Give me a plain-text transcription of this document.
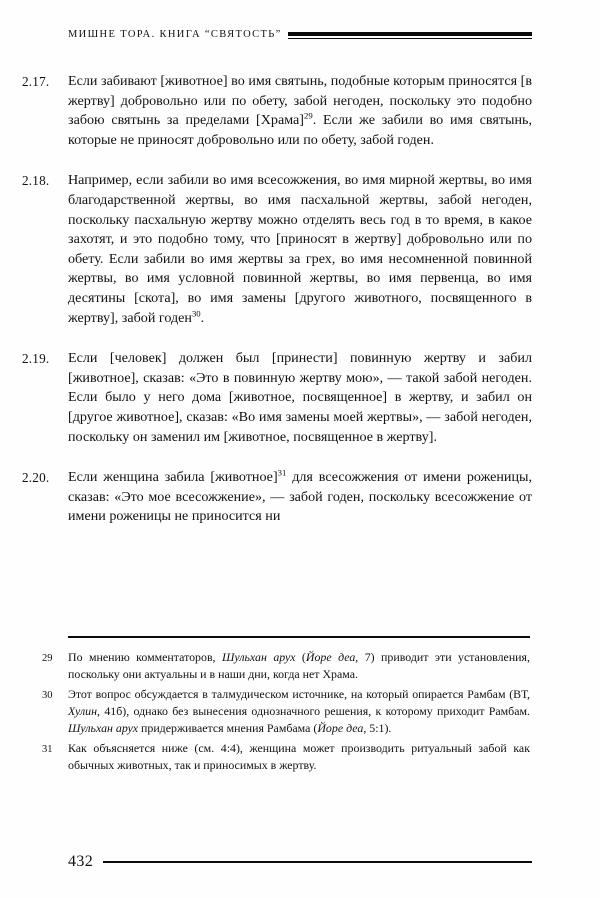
МИШНЕ ТОРА. КНИГА “СВЯТОСТЬ”
2.17.	Если забивают [животное] во имя святынь, подобные которым приносятся [в жертву] добровольно или по обету, забой негоден, поскольку это подобно забою святынь за пределами [Храма]$^{29}$. Если же забили во имя святынь, которые не приносят добровольно или по обету, забой годен.
2.18.	Например, если забили во имя всесожжения, во имя мирной жертвы, во имя благодарственной жертвы, во имя пасхальной жертвы, забой негоден, поскольку пасхальную жертву можно отделять весь год в то время, в какое захотят, и это подобно тому, что [приносят в жертву] добровольно или по обету. Если забили во имя жертвы за грех, во имя несомненной повинной жертвы, во имя условной повинной жертвы, во имя первенца, во имя десятины [скота], во имя замены [другого животного, посвященного в жертву], забой годен$^{30}$.
2.19.	Если [человек] должен был [принести] повинную жертву и забил [животное], сказав: «Это в повинную жертву мою», — такой забой негоден. Если было у него дома [животное, посвященное] в жертву, и забил он [другое животное], сказав: «Во имя замены моей жертвы», — забой негоден, поскольку он заменил им [животное, посвященное в жертву].
2.20.	Если женщина забила [животное]$^{31}$ для всесожжения от имени роженицы, сказав: «Это мое всесожжение», — забой годен, поскольку всесожжение от имени роженицы не приносится ни
29	По мнению комментаторов, Шульхан арух (Йоре деа, 7) приводит эти установления, поскольку они актуальны и в наши дни, когда нет Храма.
30	Этот вопрос обсуждается в талмудическом источнике, на который опирается Рамбам (ВТ, Хулин, 41б), однако без вынесения однозначного решения, к которому приходит Рамбам. Шульхан арух придерживается мнения Рамбама (Йоре деа, 5:1).
31	Как объясняется ниже (см. 4:4), женщина может производить ритуальный забой как обычных животных, так и приносимых в жертву.
432
